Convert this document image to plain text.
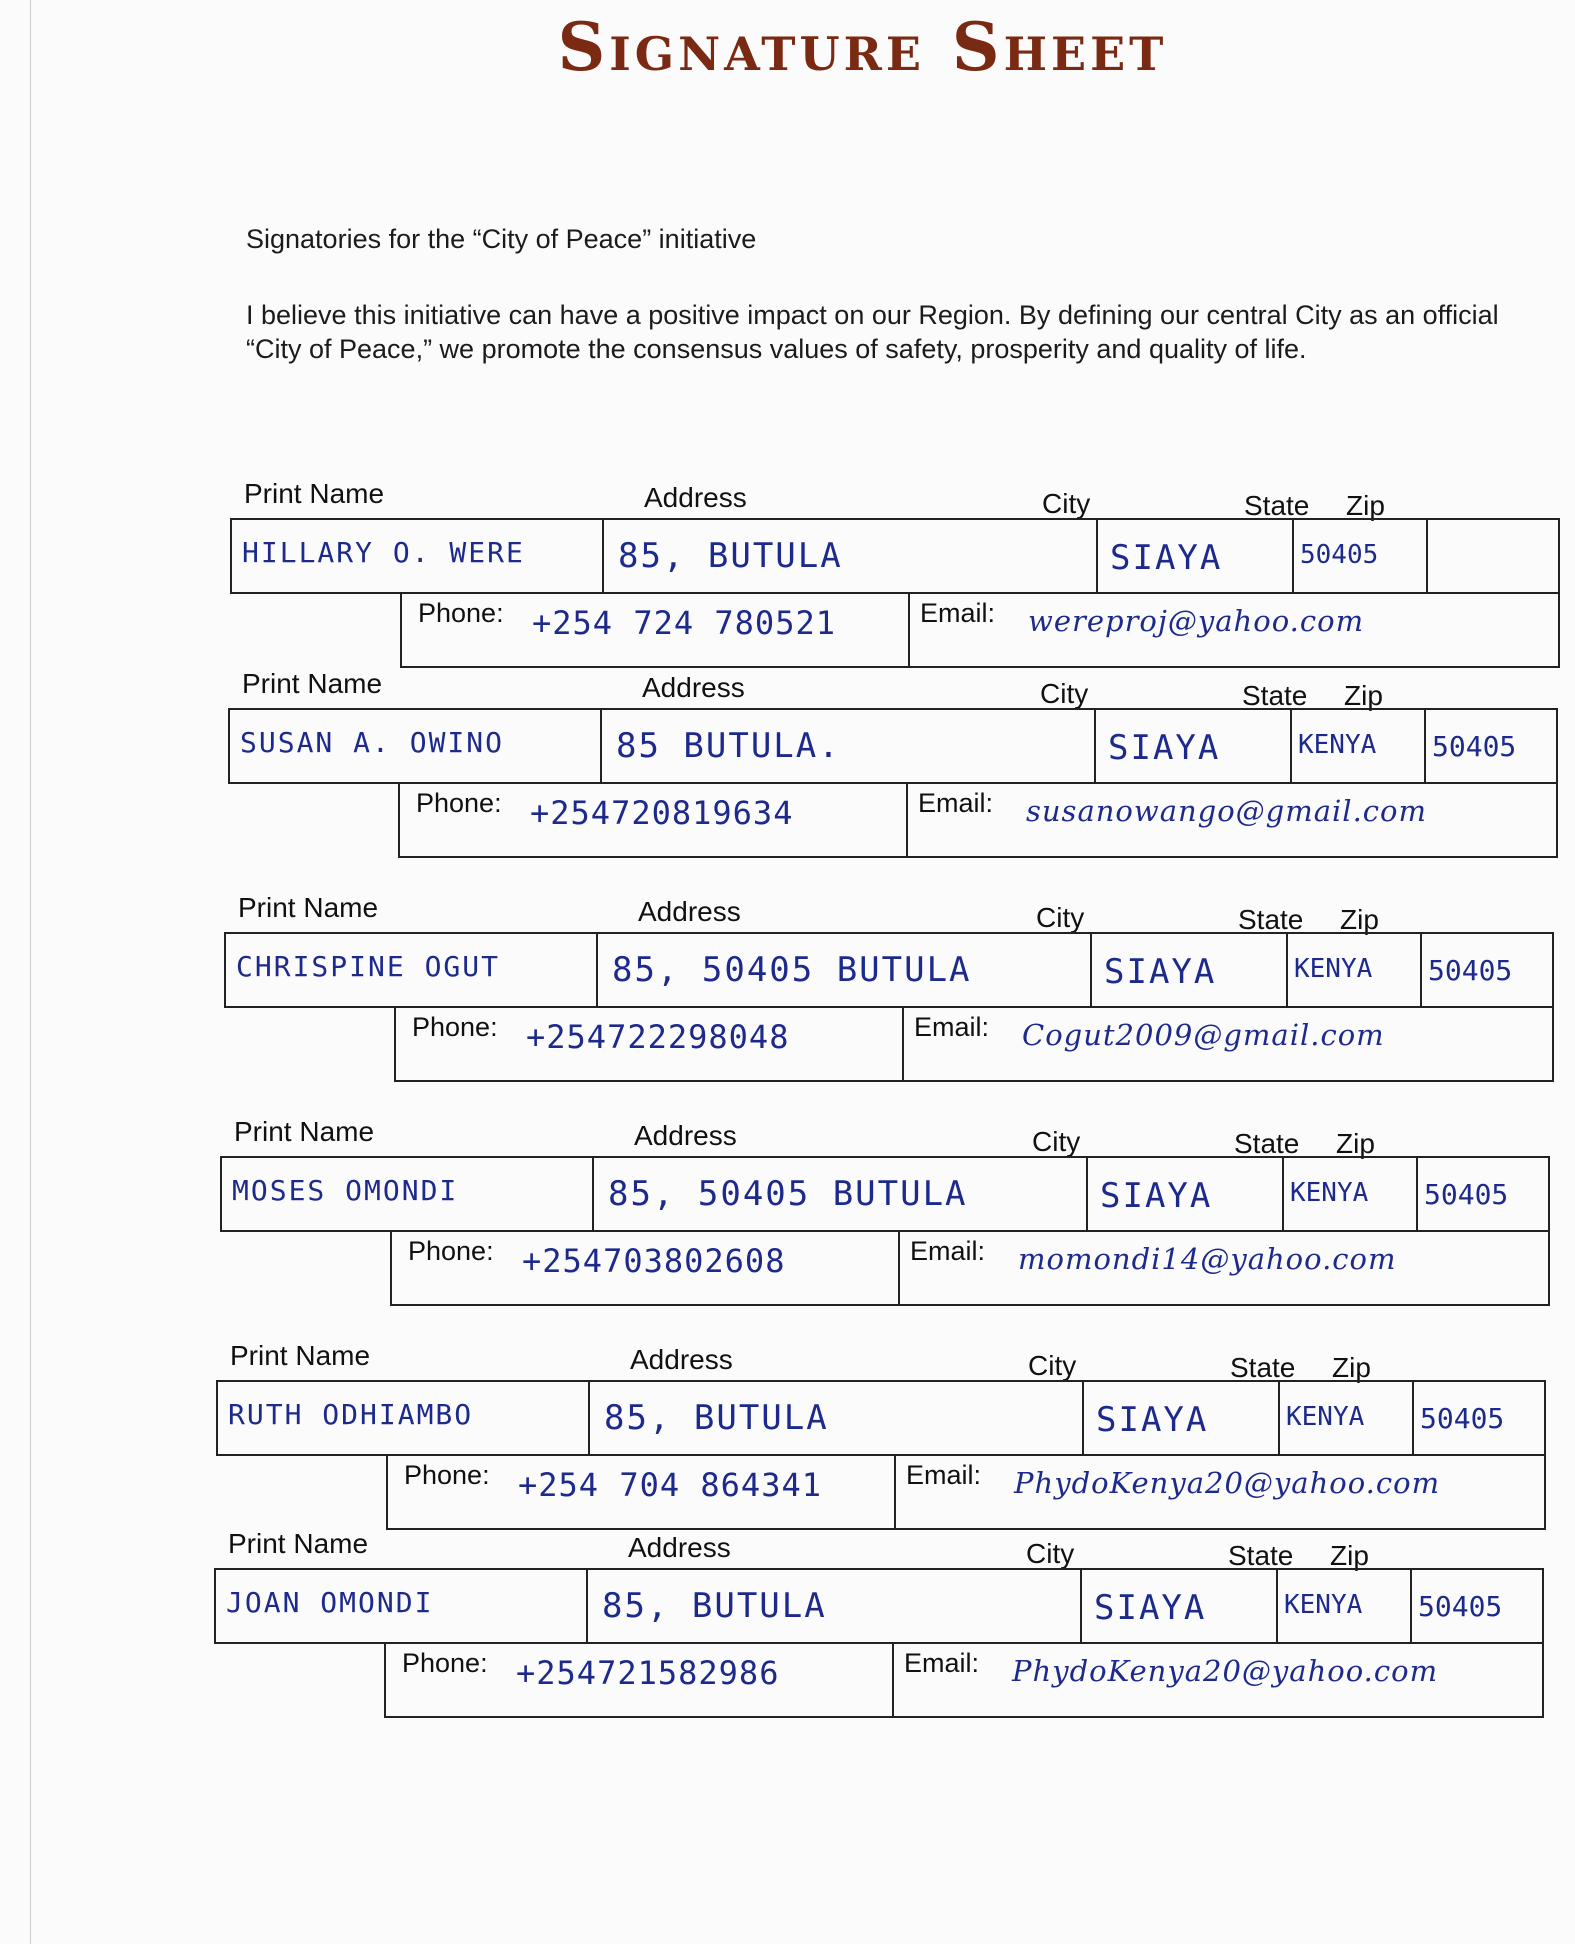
Signature Sheet
Signatories for the “City of Peace” initiative
I believe this initiative can have a positive impact on our Region. By defining our central City as an official “City of Peace,” we promote the consensus values of safety, prosperity and quality of life.
Print Name	Address	City	State Zip
HILLARY O. WERE	85, BUTULA	SIAYA	50405
Phone: +254 724 780521	Email: wereproj@yahoo.com
Print Name	Address	City	State Zip
SUSAN A. OWINO	85 BUTULA.	SIAYA	KENYA 50405
Phone: +254720819634	Email: susanowango@gmail.com
Print Name	Address	City	State Zip
CHRISPINE OGUT	85, 50405 BUTULA	SIAYA	KENYA 50405
Phone: +254722298048	Email: Cogut2009@gmail.com
Print Name	Address	City	State Zip
MOSES OMONDI	85, 50405 BUTULA	SIAYA	KENYA 50405
Phone: +254703802608	Email: momondi14@yahoo.com
Print Name	Address	City	State Zip
RUTH ODHIAMBO	85, BUTULA	SIAYA	KENYA 50405
Phone: +254 704 864341	Email: PhydoKenya20@yahoo.com
Print Name	Address	City	State Zip
JOAN OMONDI	85, BUTULA	SIAYA	KENYA 50405
Phone: +254721582986	Email: PhydoKenya20@yahoo.com
